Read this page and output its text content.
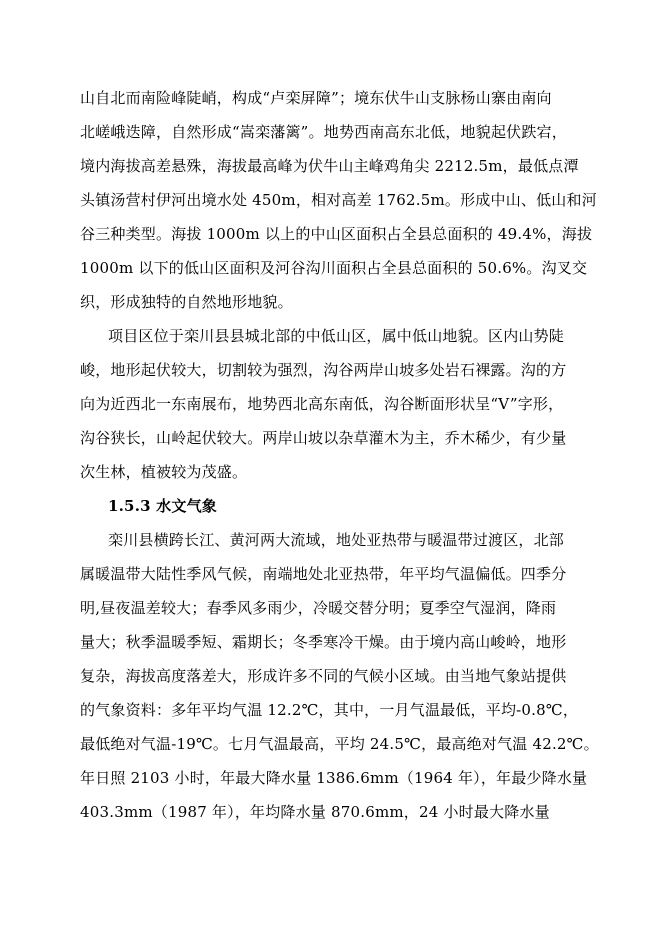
山自北而南险峰陡峭，构成“卢栾屏障”；境东伏牛山支脉杨山寨由南向
北嵯峨迭障，自然形成“嵩栾藩篱”。地势西南高东北低，地貌起伏跌宕，
境内海拔高差悬殊，海拔最高峰为伏牛山主峰鸡角尖 2212.5m，最低点潭
头镇汤营村伊河出境水处 450m，相对高差 1762.5m。形成中山、低山和河
谷三种类型。海拔 1000m 以上的中山区面积占全县总面积的 49.4%，海拔
1000m 以下的低山区面积及河谷沟川面积占全县总面积的 50.6%。沟叉交
织，形成独特的自然地形地貌。
项目区位于栾川县县城北部的中低山区，属中低山地貌。区内山势陡
峻，地形起伏较大，切割较为强烈，沟谷两岸山坡多处岩石裸露。沟的方
向为近西北一东南展布，地势西北高东南低，沟谷断面形状呈“V”字形，
沟谷狭长，山岭起伏较大。两岸山坡以杂草灌木为主，乔木稀少，有少量
次生林，植被较为茂盛。
1.5.3 水文气象
栾川县横跨长江、黄河两大流域，地处亚热带与暖温带过渡区，北部
属暖温带大陆性季风气候，南端地处北亚热带，年平均气温偏低。四季分
明,昼夜温差较大；春季风多雨少，冷暖交替分明；夏季空气湿润，降雨
量大；秋季温暖季短、霜期长；冬季寒冷干燥。由于境内高山峻岭，地形
复杂，海拔高度落差大，形成许多不同的气候小区域。由当地气象站提供
的气象资料：多年平均气温 12.2℃，其中，一月气温最低，平均-0.8℃，
最低绝对气温-19℃。七月气温最高，平均 24.5℃，最高绝对气温 42.2℃。
年日照 2103 小时，年最大降水量 1386.6mm（1964 年），年最少降水量
403.3mm（1987 年），年均降水量 870.6mm，24 小时最大降水量
